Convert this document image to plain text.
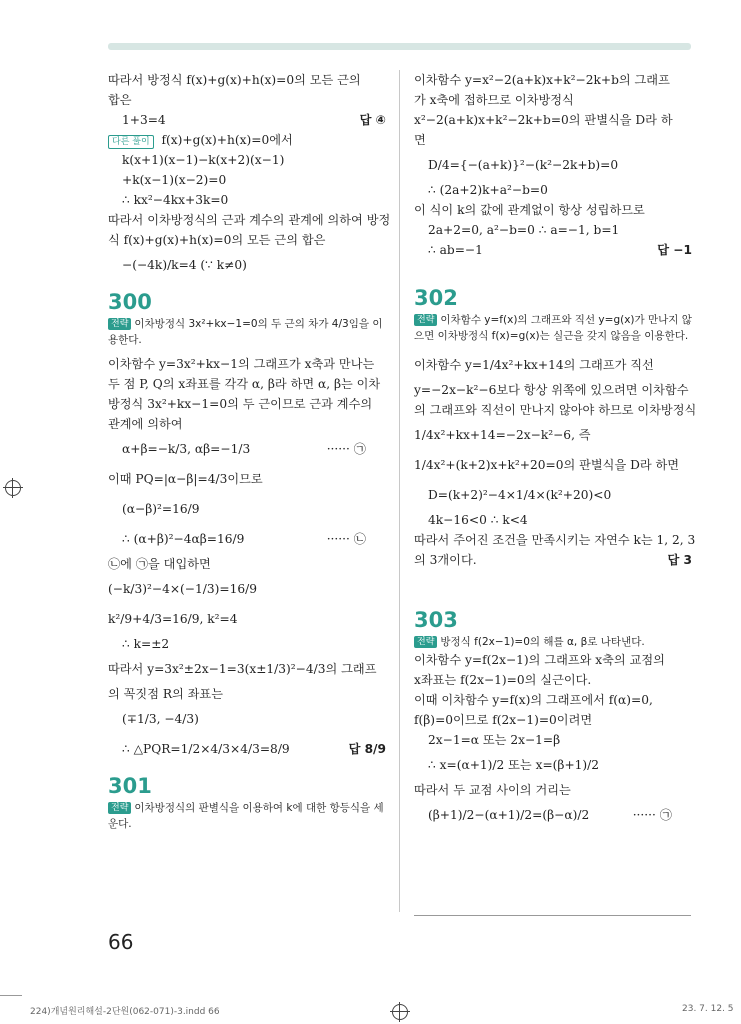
따라서 방정식 f(x)+g(x)+h(x)=0의 모든 근의
합은
1+3=4	답 ④
다른 풀이 f(x)+g(x)+h(x)=0에서
k(x+1)(x−1)−k(x+2)(x−1)
+k(x−1)(x−2)=0
∴ kx²−4kx+3k=0
따라서 이차방정식의 근과 계수의 관계에 의하여 방정
식 f(x)+g(x)+h(x)=0의 모든 근의 합은
−(−4k)/k=4 (∵ k≠0)
300
전략 이차방정식 3x²+kx−1=0의 두 근의 차가 4/3임을 이용한다.
이차함수 y=3x²+kx−1의 그래프가 x축과 만나는
두 점 P, Q의 x좌표를 각각 α, β라 하면 α, β는 이차
방정식 3x²+kx−1=0의 두 근이므로 근과 계수의
관계에 의하여
α+β=−k/3, αβ=−1/3	······ ㉠
이때 PQ=|α−β|=4/3이므로
(α−β)²=16/9
∴ (α+β)²−4αβ=16/9	······ ㉡
㉡에 ㉠을 대입하면
(−k/3)²−4×(−1/3)=16/9
k²/9+4/3=16/9, k²=4
∴ k=±2
따라서 y=3x²±2x−1=3(x±1/3)²−4/3의 그래프
의 꼭짓점 R의 좌표는
(∓1/3, −4/3)
∴ △PQR=1/2×4/3×4/3=8/9	답 8/9
301
전략 이차방정식의 판별식을 이용하여 k에 대한 항등식을 세운다.
이차함수 y=x²−2(a+k)x+k²−2k+b의 그래프
가 x축에 접하므로 이차방정식
x²−2(a+k)x+k²−2k+b=0의 판별식을 D라 하
면
D/4={−(a+k)}²−(k²−2k+b)=0
∴ (2a+2)k+a²−b=0
이 식이 k의 값에 관계없이 항상 성립하므로
2a+2=0, a²−b=0 ∴ a=−1, b=1
∴ ab=−1	답 −1
302
전략 이차함수 y=f(x)의 그래프와 직선 y=g(x)가 만나지 않으면 이차방정식 f(x)=g(x)는 실근을 갖지 않음을 이용한다.
이차함수 y=1/4x²+kx+14의 그래프가 직선
y=−2x−k²−6보다 항상 위쪽에 있으려면 이차함수
의 그래프와 직선이 만나지 않아야 하므로 이차방정식
1/4x²+kx+14=−2x−k²−6, 즉
1/4x²+(k+2)x+k²+20=0의 판별식을 D라 하면
D=(k+2)²−4×1/4×(k²+20)<0
4k−16<0 ∴ k<4
따라서 주어진 조건을 만족시키는 자연수 k는 1, 2, 3
의 3개이다.	답 3
303
전략 방정식 f(2x−1)=0의 해를 α, β로 나타낸다.
이차함수 y=f(2x−1)의 그래프와 x축의 교점의
x좌표는 f(2x−1)=0의 실근이다.
이때 이차함수 y=f(x)의 그래프에서 f(α)=0,
f(β)=0이므로 f(2x−1)=0이려면
2x−1=α 또는 2x−1=β
∴ x=(α+1)/2 또는 x=(β+1)/2
따라서 두 교점 사이의 거리는
(β+1)/2−(α+1)/2=(β−α)/2	······ ㉠
66
224)개념원리해설-2단원(062-071)-3.indd 66	23. 7. 12. 5
